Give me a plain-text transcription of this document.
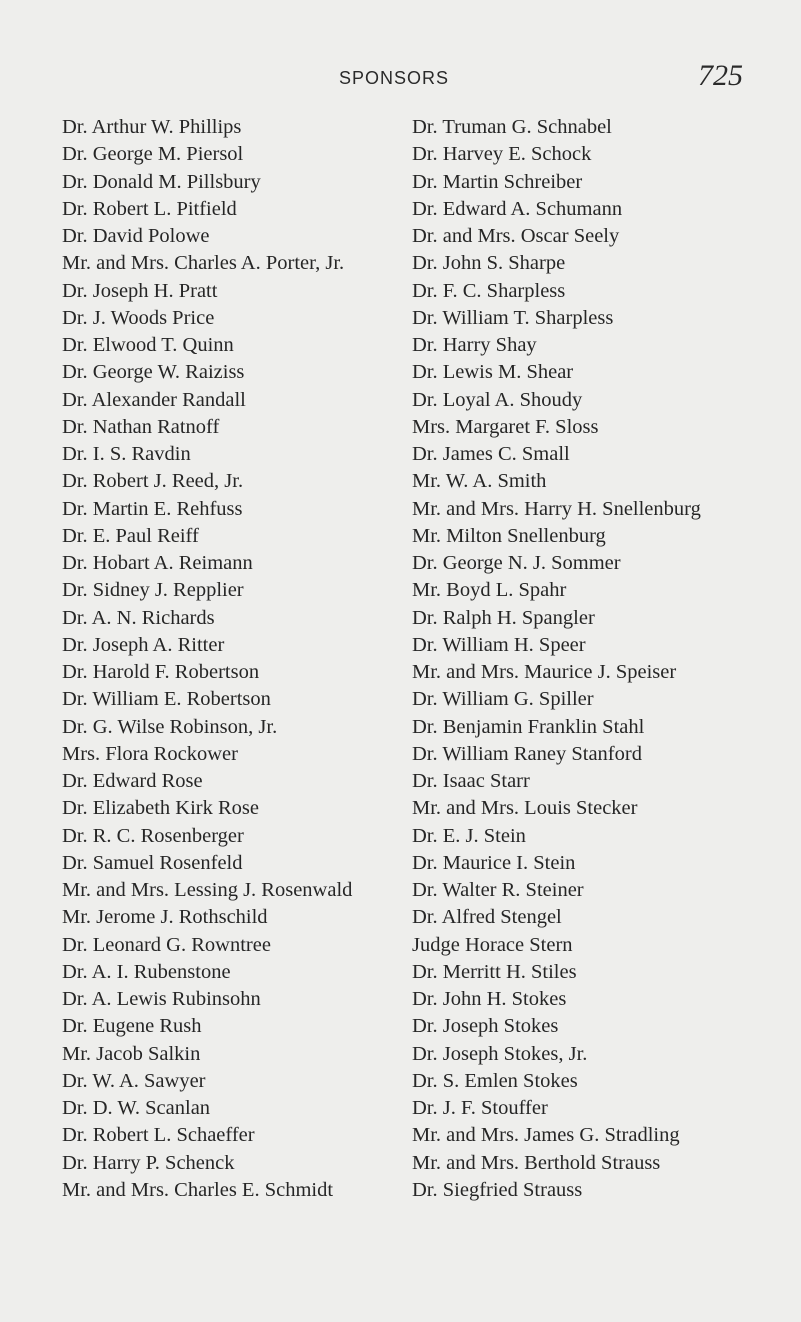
SPONSORS	725
Dr. Arthur W. Phillips
Dr. George M. Piersol
Dr. Donald M. Pillsbury
Dr. Robert L. Pitfield
Dr. David Polowe
Mr. and Mrs. Charles A. Porter, Jr.
Dr. Joseph H. Pratt
Dr. J. Woods Price
Dr. Elwood T. Quinn
Dr. George W. Raiziss
Dr. Alexander Randall
Dr. Nathan Ratnoff
Dr. I. S. Ravdin
Dr. Robert J. Reed, Jr.
Dr. Martin E. Rehfuss
Dr. E. Paul Reiff
Dr. Hobart A. Reimann
Dr. Sidney J. Repplier
Dr. A. N. Richards
Dr. Joseph A. Ritter
Dr. Harold F. Robertson
Dr. William E. Robertson
Dr. G. Wilse Robinson, Jr.
Mrs. Flora Rockower
Dr. Edward Rose
Dr. Elizabeth Kirk Rose
Dr. R. C. Rosenberger
Dr. Samuel Rosenfeld
Mr. and Mrs. Lessing J. Rosenwald
Mr. Jerome J. Rothschild
Dr. Leonard G. Rowntree
Dr. A. I. Rubenstone
Dr. A. Lewis Rubinsohn
Dr. Eugene Rush
Mr. Jacob Salkin
Dr. W. A. Sawyer
Dr. D. W. Scanlan
Dr. Robert L. Schaeffer
Dr. Harry P. Schenck
Mr. and Mrs. Charles E. Schmidt
Dr. Truman G. Schnabel
Dr. Harvey E. Schock
Dr. Martin Schreiber
Dr. Edward A. Schumann
Dr. and Mrs. Oscar Seely
Dr. John S. Sharpe
Dr. F. C. Sharpless
Dr. William T. Sharpless
Dr. Harry Shay
Dr. Lewis M. Shear
Dr. Loyal A. Shoudy
Mrs. Margaret F. Sloss
Dr. James C. Small
Mr. W. A. Smith
Mr. and Mrs. Harry H. Snellenburg
Mr. Milton Snellenburg
Dr. George N. J. Sommer
Mr. Boyd L. Spahr
Dr. Ralph H. Spangler
Dr. William H. Speer
Mr. and Mrs. Maurice J. Speiser
Dr. William G. Spiller
Dr. Benjamin Franklin Stahl
Dr. William Raney Stanford
Dr. Isaac Starr
Mr. and Mrs. Louis Stecker
Dr. E. J. Stein
Dr. Maurice I. Stein
Dr. Walter R. Steiner
Dr. Alfred Stengel
Judge Horace Stern
Dr. Merritt H. Stiles
Dr. John H. Stokes
Dr. Joseph Stokes
Dr. Joseph Stokes, Jr.
Dr. S. Emlen Stokes
Dr. J. F. Stouffer
Mr. and Mrs. James G. Stradling
Mr. and Mrs. Berthold Strauss
Dr. Siegfried Strauss
